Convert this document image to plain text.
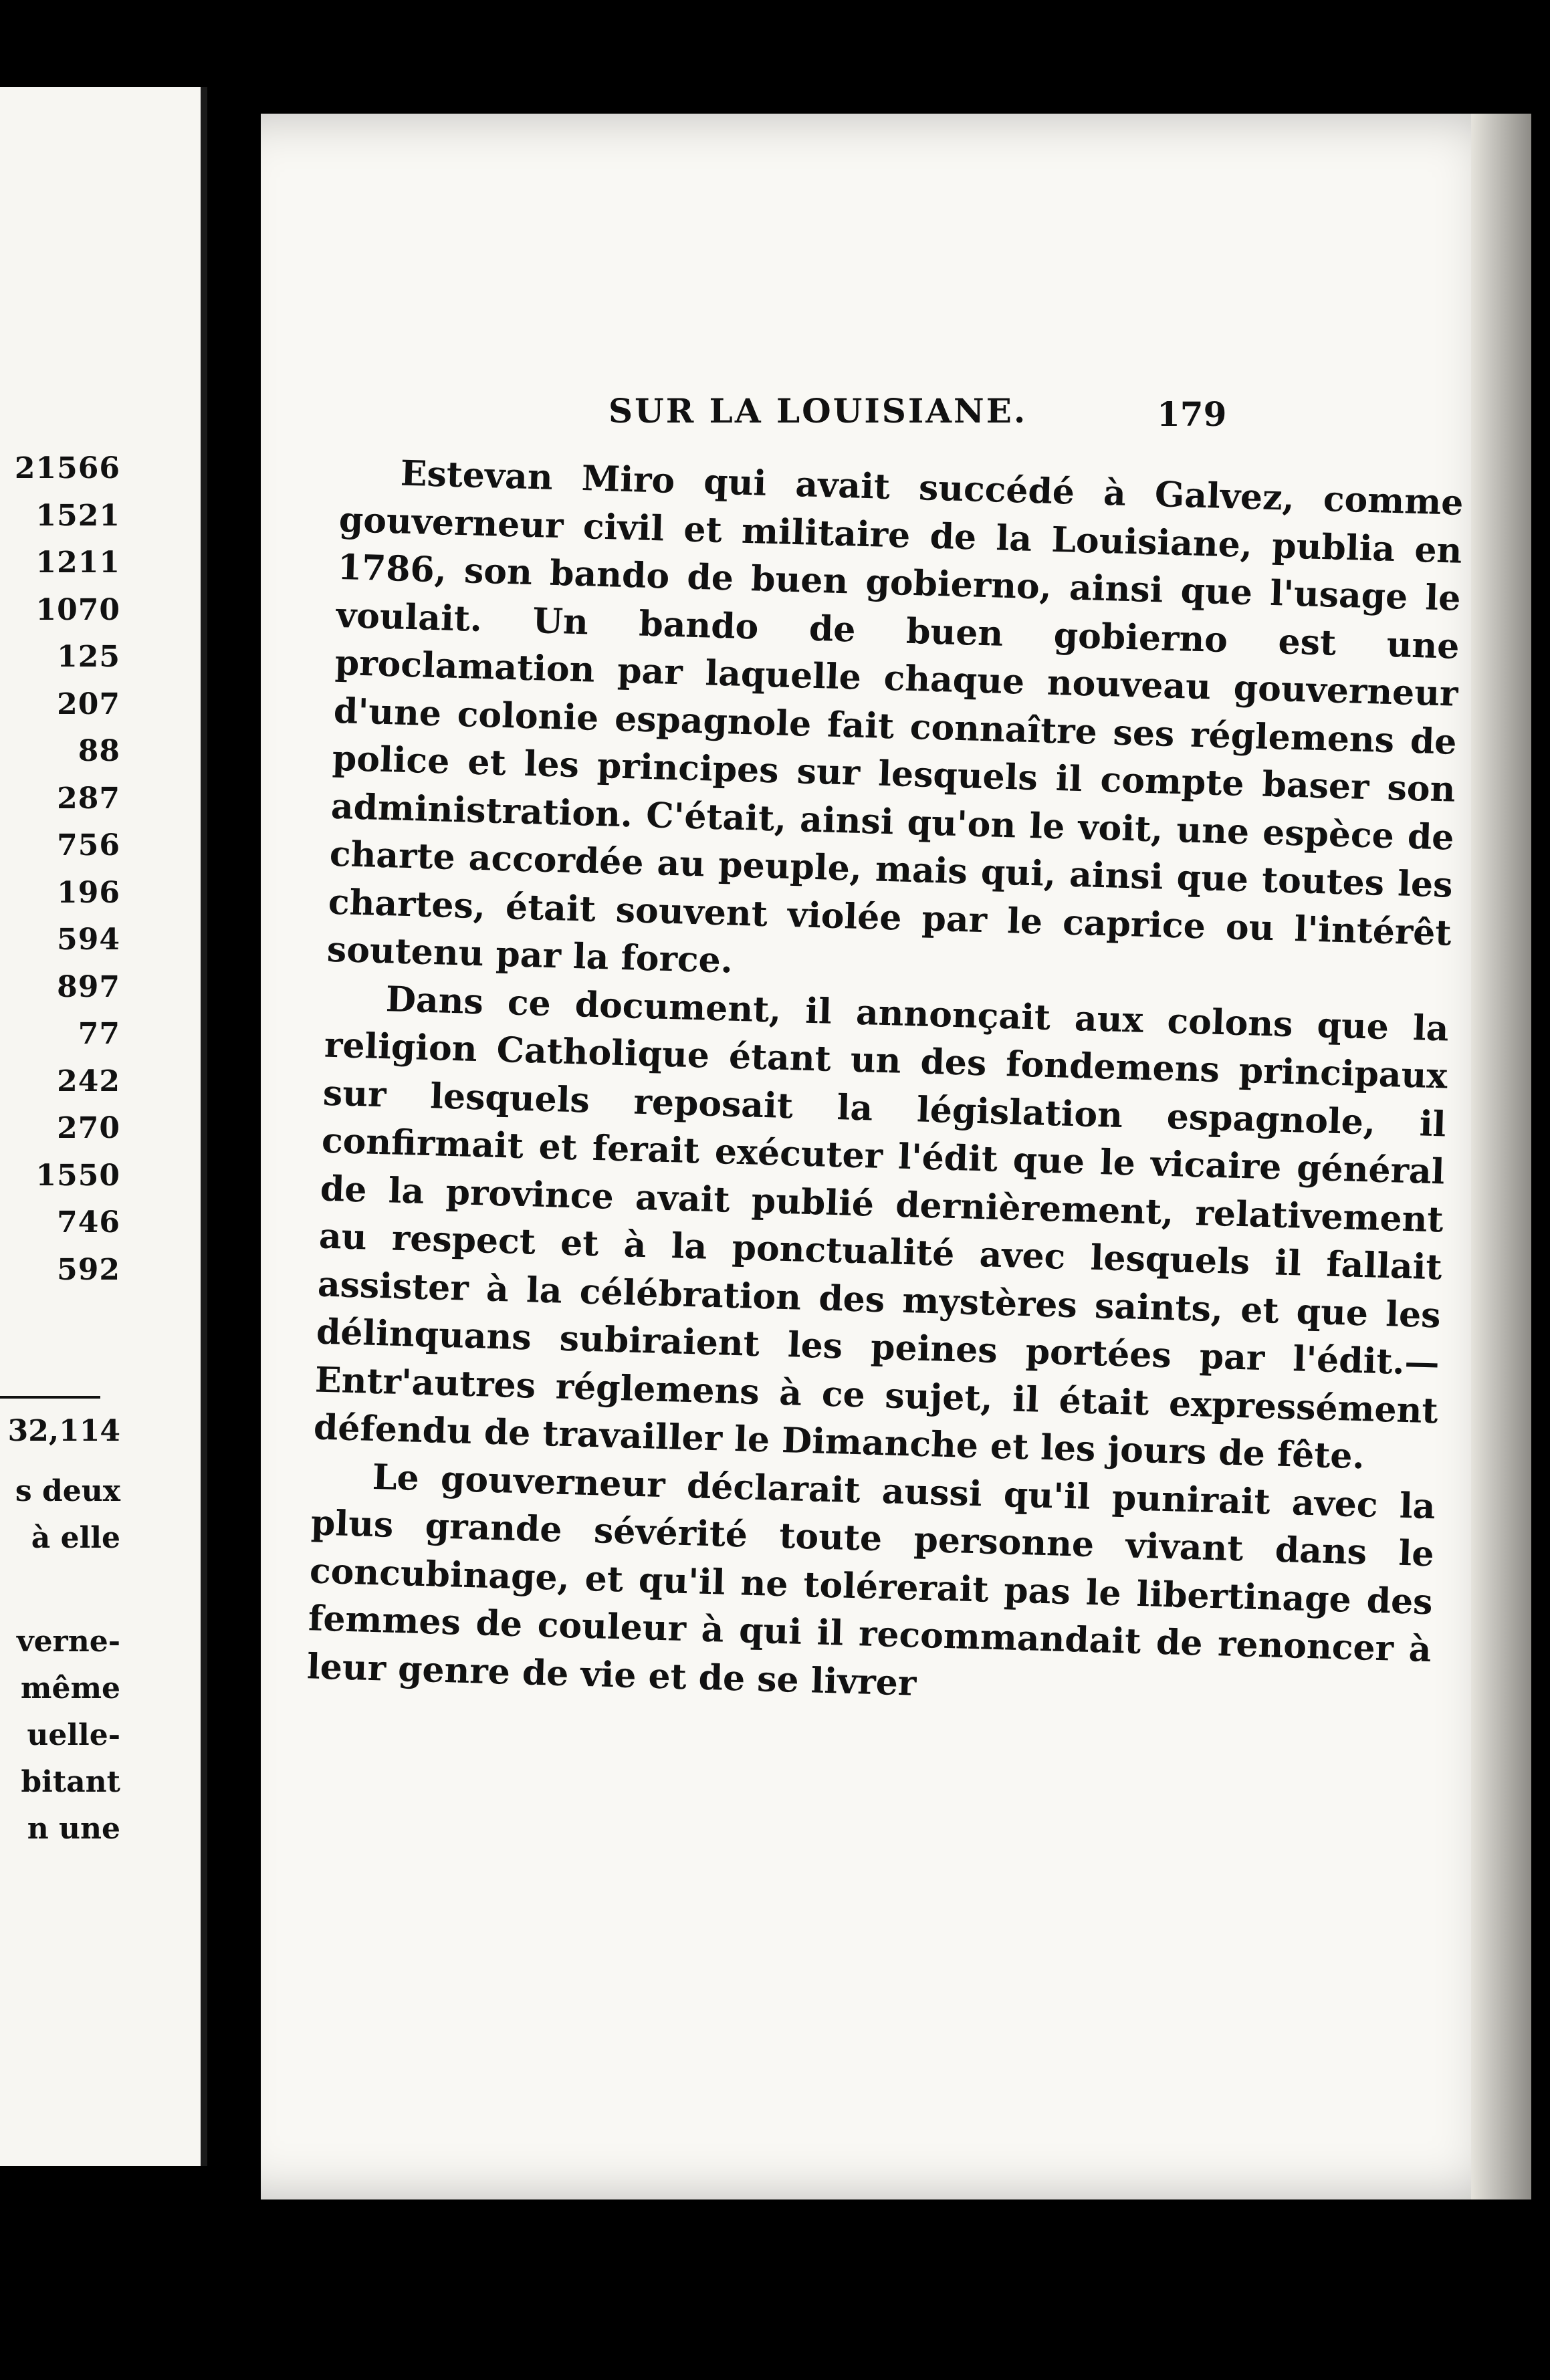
21566
1521
1211
1070
125
207
88
287
756
196
594
897
77
242
270
1550
746
592
32,114
s deux
à elle
verne-
même
uelle-
bitant
n une
SUR LA LOUISIANE.	179

Estevan Miro qui avait succédé à Galvez, comme gouverneur civil et militaire de la Louisiane, publia en 1786, son bando de buen gobierno, ainsi que l'usage le voulait. Un bando de buen gobierno est une proclamation par laquelle chaque nouveau gouverneur d'une colonie espagnole fait connaître ses réglemens de police et les principes sur lesquels il compte baser son administration. C'était, ainsi qu'on le voit, une espèce de charte accordée au peuple, mais qui, ainsi que toutes les chartes, était souvent violée par le caprice ou l'intérêt soutenu par la force.

Dans ce document, il annonçait aux colons que la religion Catholique étant un des fondemens principaux sur lesquels reposait la législation espagnole, il confirmait et ferait exécuter l'édit que le vicaire général de la province avait publié dernièrement, relativement au respect et à la ponctualité avec lesquels il fallait assister à la célébration des mystères saints, et que les délinquans subiraient les peines portées par l'édit.— Entr'autres réglemens à ce sujet, il était expressément défendu de travailler le Dimanche et les jours de fête.

Le gouverneur déclarait aussi qu'il punirait avec la plus grande sévérité toute personne vivant dans le concubinage, et qu'il ne tolérerait pas le libertinage des femmes de couleur à qui il recommandait de renoncer à leur genre de vie et de se livrer
